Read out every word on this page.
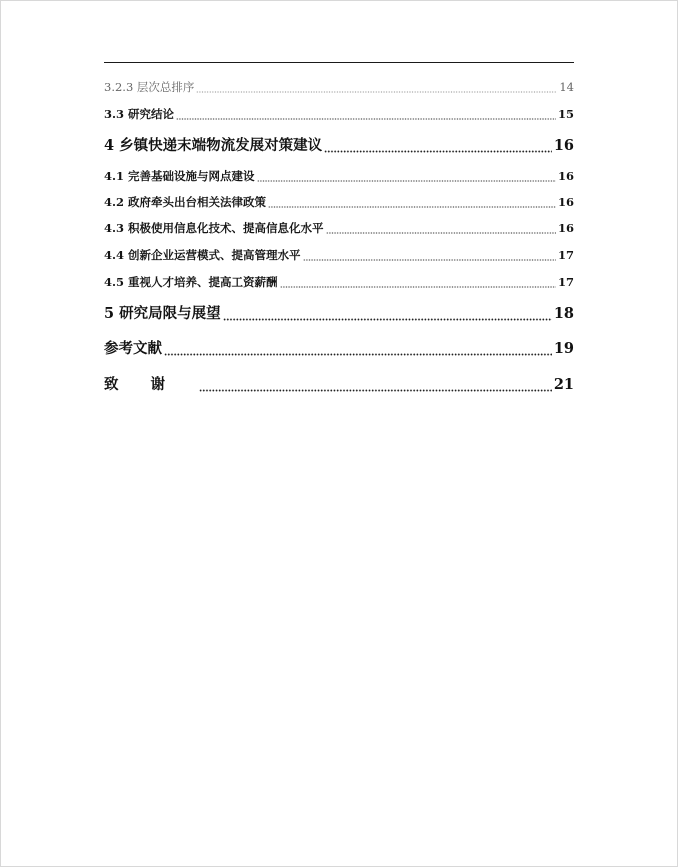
3.2.3 层次总排序	14
3.3 研究结论	15
4 乡镇快递末端物流发展对策建议	16
4.1 完善基础设施与网点建设	16
4.2 政府牵头出台相关法律政策	16
4.3 积极使用信息化技术、提高信息化水平	16
4.4 创新企业运营模式、提高管理水平	17
4.5 重视人才培养、提高工资薪酬	17
5 研究局限与展望	18
参考文献	19
致谢	21
